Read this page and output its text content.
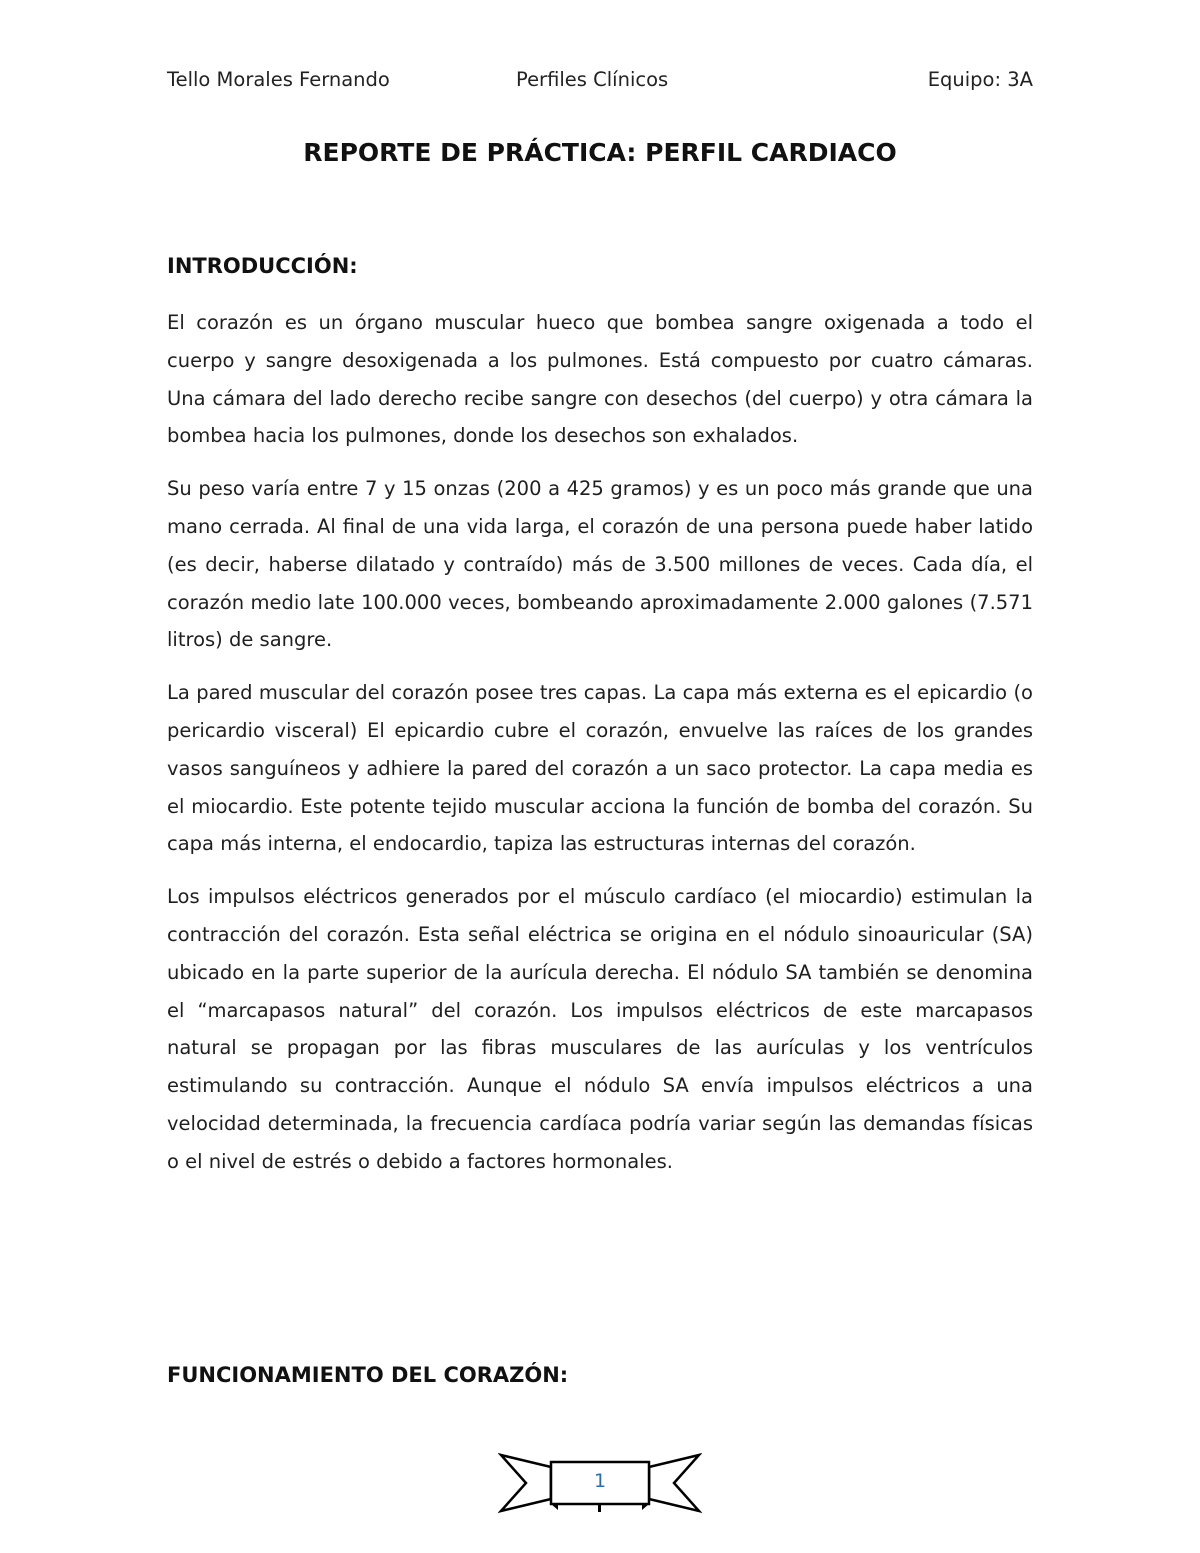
Tello Morales Fernando	Perfiles Clínicos	Equipo: 3A
REPORTE DE PRÁCTICA: PERFIL CARDIACO
INTRODUCCIÓN:

El corazón es un órgano muscular hueco que bombea sangre oxigenada a todo el cuerpo y sangre desoxigenada a los pulmones. Está compuesto por cuatro cámaras. Una cámara del lado derecho recibe sangre con desechos (del cuerpo) y otra cámara la bombea hacia los pulmones, donde los desechos son exhalados.

Su peso varía entre 7 y 15 onzas (200 a 425 gramos) y es un poco más grande que una mano cerrada. Al final de una vida larga, el corazón de una persona puede haber latido (es decir, haberse dilatado y contraído) más de 3.500 millones de veces. Cada día, el corazón medio late 100.000 veces, bombeando aproximadamente 2.000 galones (7.571 litros) de sangre.

La pared muscular del corazón posee tres capas. La capa más externa es el epicardio (o pericardio visceral) El epicardio cubre el corazón, envuelve las raíces de los grandes vasos sanguíneos y adhiere la pared del corazón a un saco protector. La capa media es el miocardio. Este potente tejido muscular acciona la función de bomba del corazón. Su capa más interna, el endocardio, tapiza las estructuras internas del corazón.

Los impulsos eléctricos generados por el músculo cardíaco (el miocardio) estimulan la contracción del corazón. Esta señal eléctrica se origina en el nódulo sinoauricular (SA) ubicado en la parte superior de la aurícula derecha. El nódulo SA también se denomina el “marcapasos natural” del corazón. Los impulsos eléctricos de este marcapasos natural se propagan por las fibras musculares de las aurículas y los ventrículos estimulando su contracción. Aunque el nódulo SA envía impulsos eléctricos a una velocidad determinada, la frecuencia cardíaca podría variar según las demandas físicas o el nivel de estrés o debido a factores hormonales.

FUNCIONAMIENTO DEL CORAZÓN:
1
